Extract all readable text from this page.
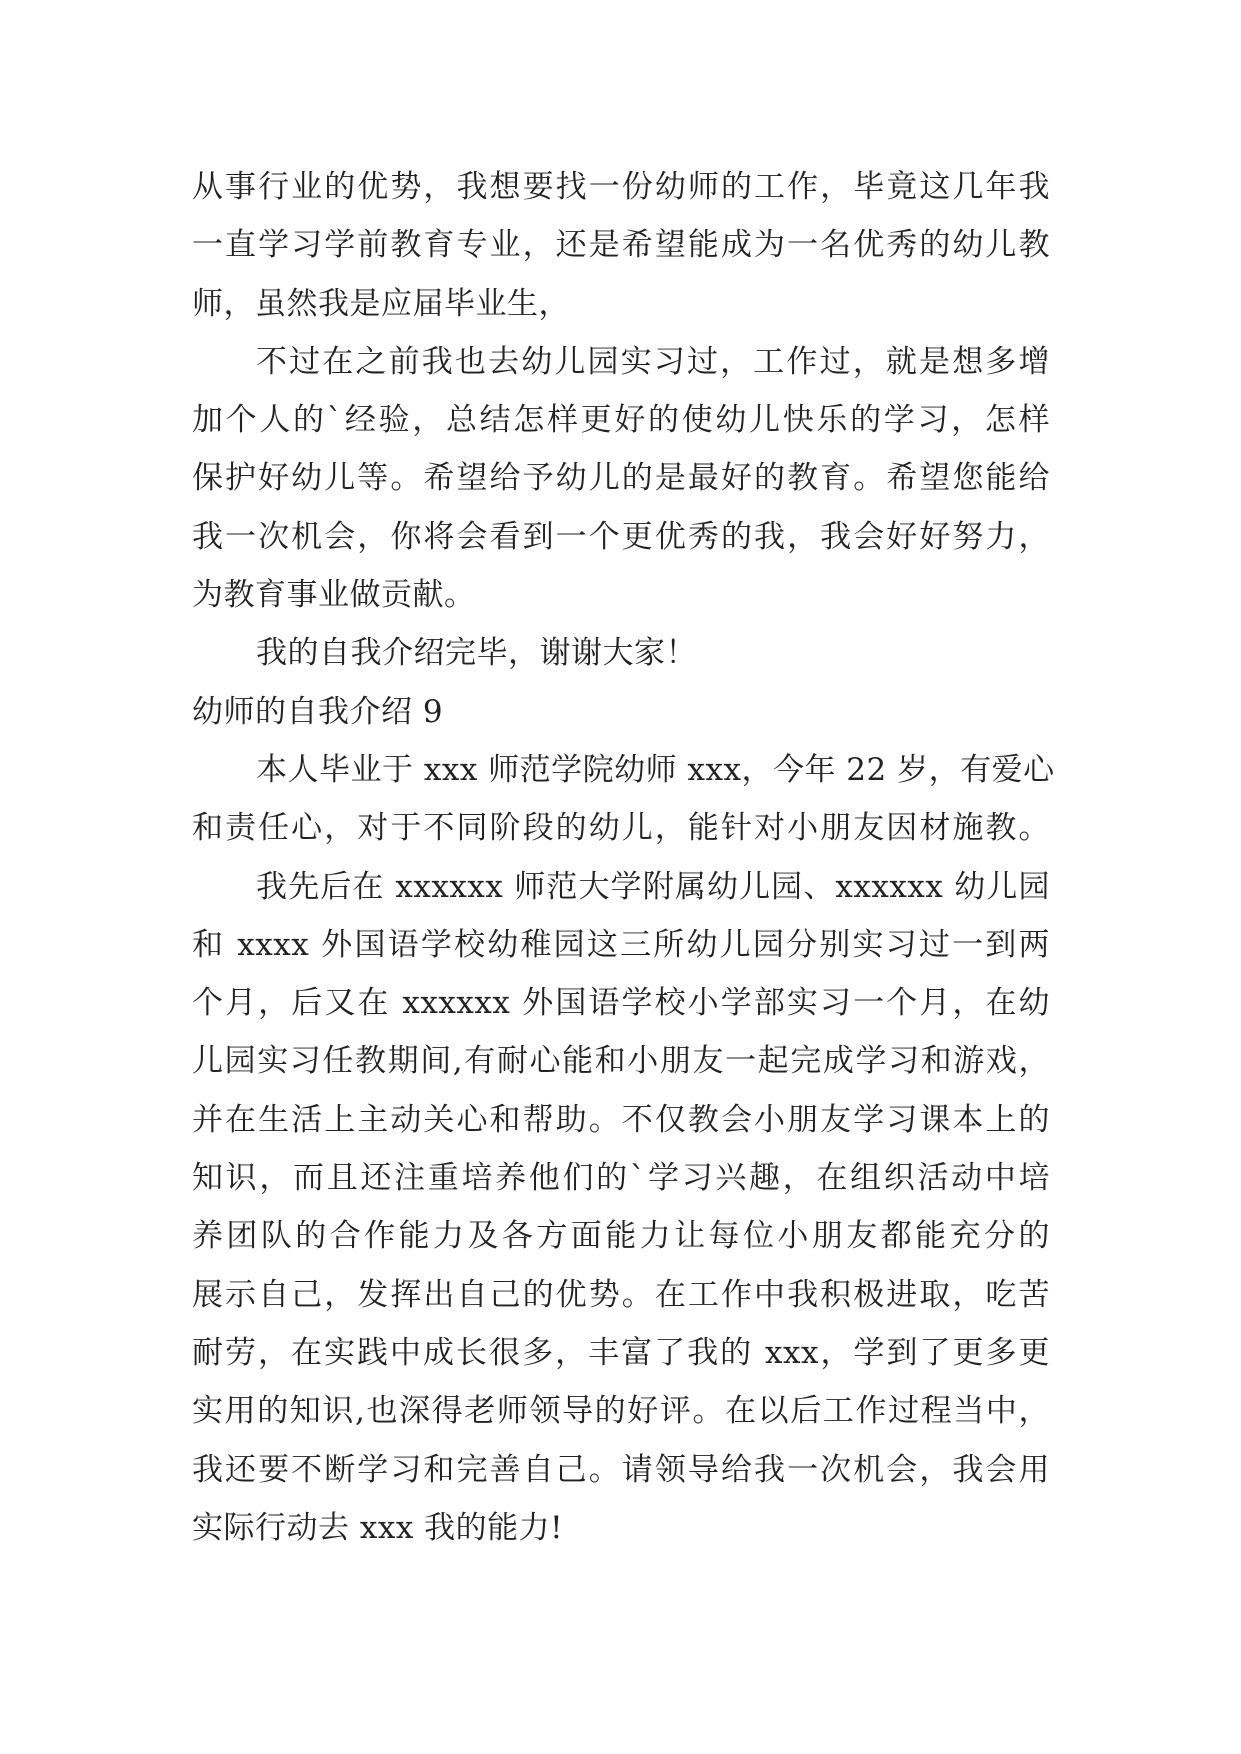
从事行业的优势，我想要找一份幼师的工作，毕竟这几年我
一直学习学前教育专业，还是希望能成为一名优秀的幼儿教
师，虽然我是应届毕业生，
不过在之前我也去幼儿园实习过，工作过，就是想多增
加个人的`经验，总结怎样更好的使幼儿快乐的学习，怎样
保护好幼儿等。希望给予幼儿的是最好的教育。希望您能给
我一次机会，你将会看到一个更优秀的我，我会好好努力，
为教育事业做贡献。
我的自我介绍完毕，谢谢大家！
幼师的自我介绍 9
本人毕业于 xxx 师范学院幼师 xxx，今年 22 岁，有爱心
和责任心，对于不同阶段的幼儿，能针对小朋友因材施教。
我先后在 xxxxxx 师范大学附属幼儿园、xxxxxx 幼儿园
和 xxxx 外国语学校幼稚园这三所幼儿园分别实习过一到两
个月，后又在 xxxxxx 外国语学校小学部实习一个月，在幼
儿园实习任教期间,有耐心能和小朋友一起完成学习和游戏，
并在生活上主动关心和帮助。不仅教会小朋友学习课本上的
知识，而且还注重培养他们的`学习兴趣，在组织活动中培
养团队的合作能力及各方面能力让每位小朋友都能充分的
展示自己，发挥出自己的优势。在工作中我积极进取，吃苦
耐劳，在实践中成长很多，丰富了我的 xxx，学到了更多更
实用的知识,也深得老师领导的好评。在以后工作过程当中，
我还要不断学习和完善自己。请领导给我一次机会，我会用
实际行动去 xxx 我的能力!
